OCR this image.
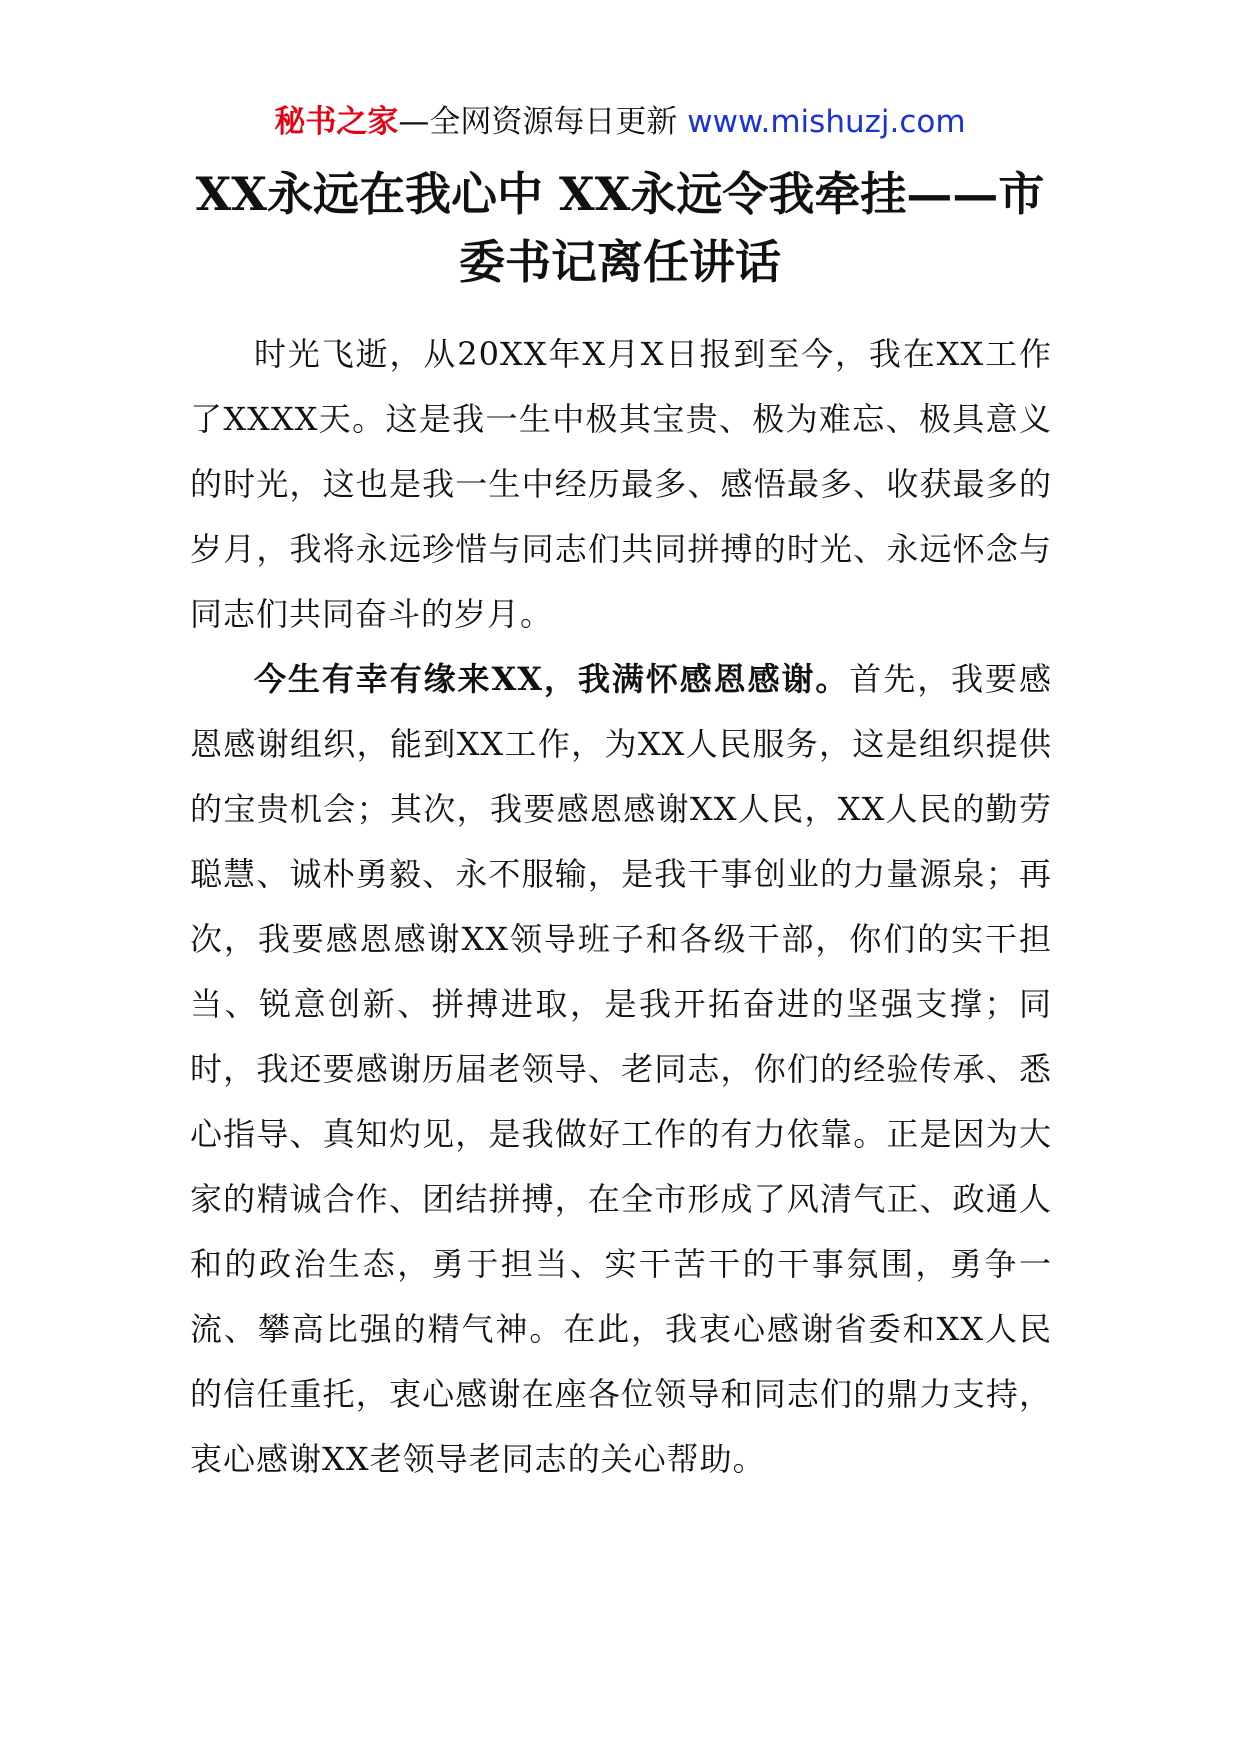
秘书之家—全网资源每日更新 www.mishuzj.com
XX永远在我心中 XX永远令我牵挂——市委书记离任讲话

时光飞逝，从20XX年X月X日报到至今，我在XX工作了XXXX天。这是我一生中极其宝贵、极为难忘、极具意义的时光，这也是我一生中经历最多、感悟最多、收获最多的岁月，我将永远珍惜与同志们共同拼搏的时光、永远怀念与同志们共同奋斗的岁月。

今生有幸有缘来XX，我满怀感恩感谢。首先，我要感恩感谢组织，能到XX工作，为XX人民服务，这是组织提供的宝贵机会；其次，我要感恩感谢XX人民，XX人民的勤劳聪慧、诚朴勇毅、永不服输，是我干事创业的力量源泉；再次，我要感恩感谢XX领导班子和各级干部，你们的实干担当、锐意创新、拼搏进取，是我开拓奋进的坚强支撑；同时，我还要感谢历届老领导、老同志，你们的经验传承、悉心指导、真知灼见，是我做好工作的有力依靠。正是因为大家的精诚合作、团结拼搏，在全市形成了风清气正、政通人和的政治生态，勇于担当、实干苦干的干事氛围，勇争一流、攀高比强的精气神。在此，我衷心感谢省委和XX人民的信任重托，衷心感谢在座各位领导和同志们的鼎力支持，衷心感谢XX老领导老同志的关心帮助。
